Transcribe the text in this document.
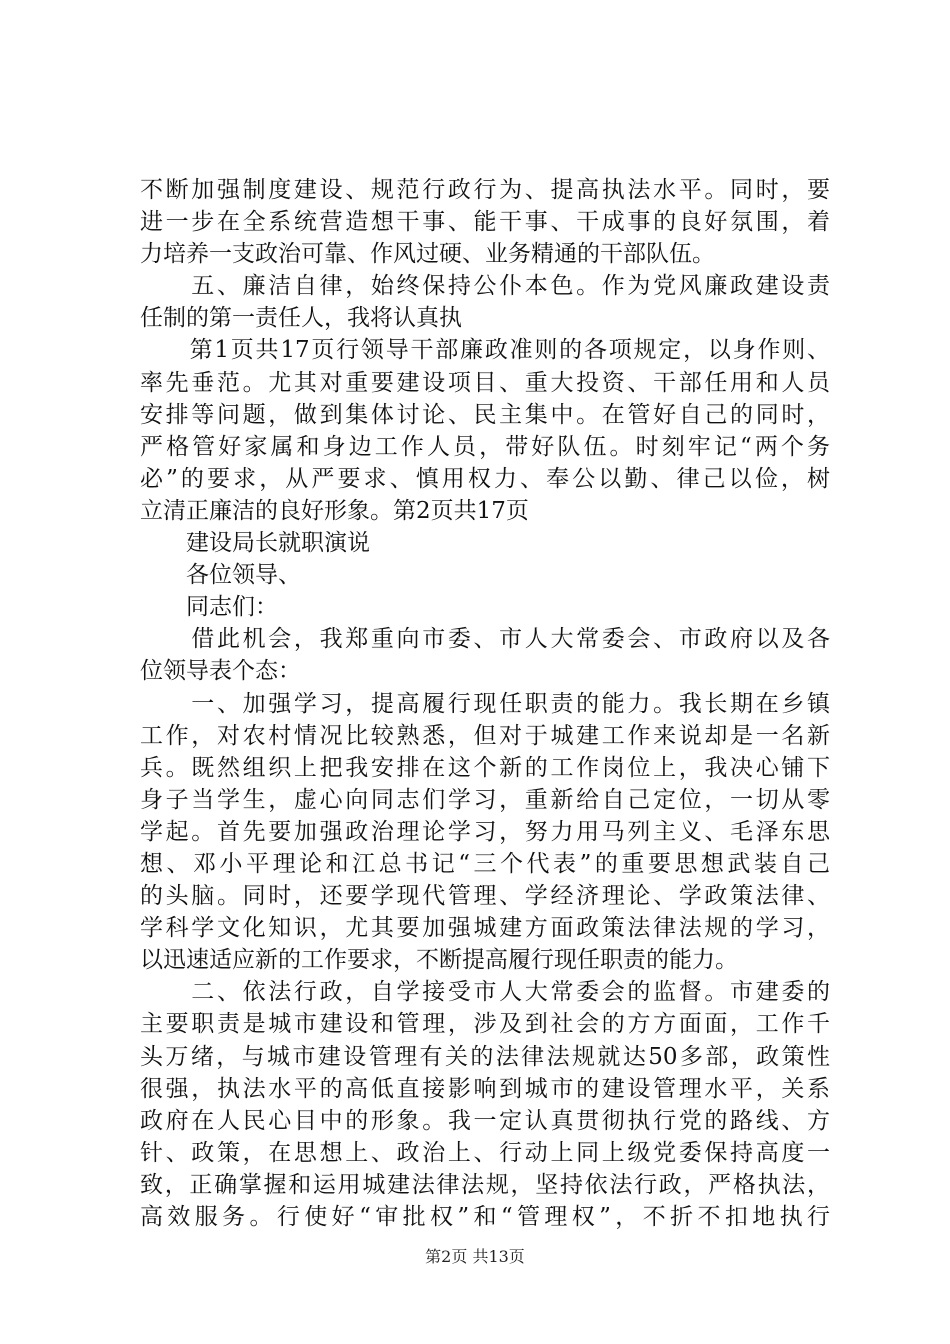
不断加强制度建设、规范行政行为、提高执法水平。同时，要
进一步在全系统营造想干事、能干事、干成事的良好氛围，着
力培养一支政治可靠、作风过硬、业务精通的干部队伍。
　　五、廉洁自律，始终保持公仆本色。作为党风廉政建设责
任制的第一责任人，我将认真执
　　第1页共17页行领导干部廉政准则的各项规定，以身作则、
率先垂范。尤其对重要建设项目、重大投资、干部任用和人员
安排等问题，做到集体讨论、民主集中。在管好自己的同时，
严格管好家属和身边工作人员，带好队伍。时刻牢记“两个务
必”的要求，从严要求、慎用权力、奉公以勤、律己以俭，树
立清正廉洁的良好形象。第2页共17页
　　建设局长就职演说
　　各位领导、
　　同志们：
　　借此机会，我郑重向市委、市人大常委会、市政府以及各
位领导表个态：
　　一、加强学习，提高履行现任职责的能力。我长期在乡镇
工作，对农村情况比较熟悉，但对于城建工作来说却是一名新
兵。既然组织上把我安排在这个新的工作岗位上，我决心铺下
身子当学生，虚心向同志们学习，重新给自己定位，一切从零
学起。首先要加强政治理论学习，努力用马列主义、毛泽东思
想、邓小平理论和江总书记“三个代表”的重要思想武装自己
的头脑。同时，还要学现代管理、学经济理论、学政策法律、
学科学文化知识，尤其要加强城建方面政策法律法规的学习，
以迅速适应新的工作要求，不断提高履行现任职责的能力。
　　二、依法行政，自学接受市人大常委会的监督。市建委的
主要职责是城市建设和管理，涉及到社会的方方面面，工作千
头万绪，与城市建设管理有关的法律法规就达50多部，政策性
很强，执法水平的高低直接影响到城市的建设管理水平，关系
政府在人民心目中的形象。我一定认真贯彻执行党的路线、方
针、政策，在思想上、政治上、行动上同上级党委保持高度一
致，正确掌握和运用城建法律法规，坚持依法行政，严格执法，
高效服务。行使好“审批权”和“管理权”，不折不扣地执行
第2页 共13页
